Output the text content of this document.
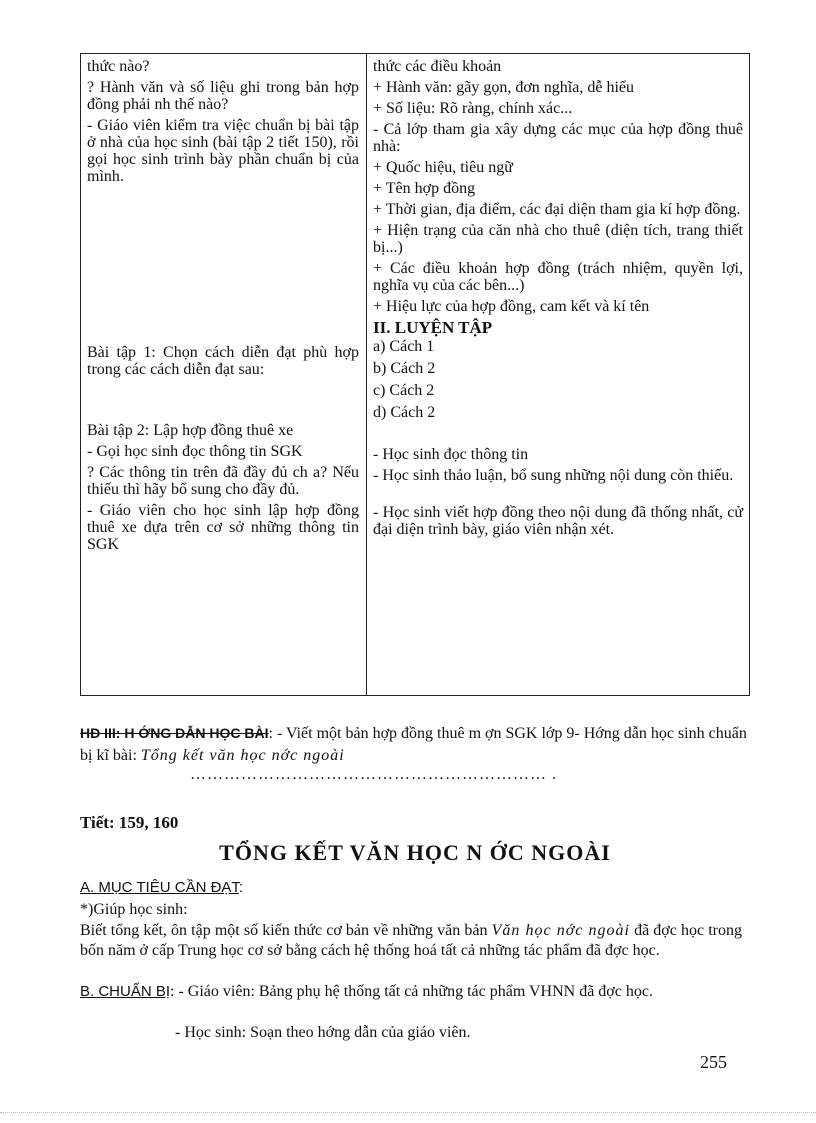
thức nào?

? Hành văn và số liệu ghi trong bản hợp đồng phải nh thế nào?

- Giáo viên kiểm tra việc chuẩn bị bài tập ở nhà của học sinh (bài tập 2 tiết 150), rồi gọi học sinh trình bày phần chuẩn bị của mình.

Bài tập 1: Chọn cách diễn đạt phù hợp trong các cách diễn đạt sau:

Bài tập 2: Lập hợp đồng thuê xe

- Gọi học sinh đọc thông tin SGK

? Các thông tin trên đã đầy đủ ch a? Nếu thiếu thì hãy bổ sung cho đầy đủ.

- Giáo viên cho học sinh lập hợp đồng thuê xe dựa trên cơ sở những thông tin SGK

thức các điều khoản

+ Hành văn: gãy gọn, đơn nghĩa, dễ hiểu

+ Số liệu: Rõ ràng, chính xác...

- Cả lớp tham gia xây dựng các mục của hợp đồng thuê nhà:

+ Quốc hiệu, tiêu ngữ

+ Tên hợp đồng

+ Thời gian, địa điểm, các đại diện tham gia kí hợp đồng.

+ Hiện trạng của căn nhà cho thuê (diện tích, trang thiết bị...)

+ Các điều khoản hợp đồng (trách nhiệm, quyền lợi, nghĩa vụ của các bên...)

+ Hiệu lực của hợp đồng, cam kết và kí tên

II. LUYỆN TẬP

a) Cách 1

b) Cách 2

c) Cách 2

d) Cách 2

- Học sinh đọc thông tin

- Học sinh thảo luận, bổ sung những nội dung còn thiếu.

- Học sinh viết hợp đồng theo nội dung đã thống nhất, cử đại diện trình bày, giáo viên nhận xét.

HĐ III: H ỚNG DẪN HỌC BÀI: - Viết một bản hợp đồng thuê m ợn SGK lớp 9- Hớng dẫn học sinh chuẩn bị kĩ bài: Tổng kết văn học nớc ngoài

……………………………………………………… .

Tiết: 159, 160

TỔNG KẾT VĂN HỌC N ỚC NGOÀI

A. MỤC TIÊU CẦN ĐẠT:

*)Giúp học sinh:

Biết tổng kết, ôn tập một số kiến thức cơ bản về những văn bản Văn học nớc ngoài đã đợc học trong bốn năm ở cấp Trung học cơ sở bằng cách hệ thống hoá tất cả những tác phẩm đã đợc học.

B. CHUẨN BỊ: - Giáo viên: Bảng phụ hệ thống tất cả những tác phẩm VHNN đã đợc học.

- Học sinh: Soạn theo hớng dẫn của giáo viên.

255
